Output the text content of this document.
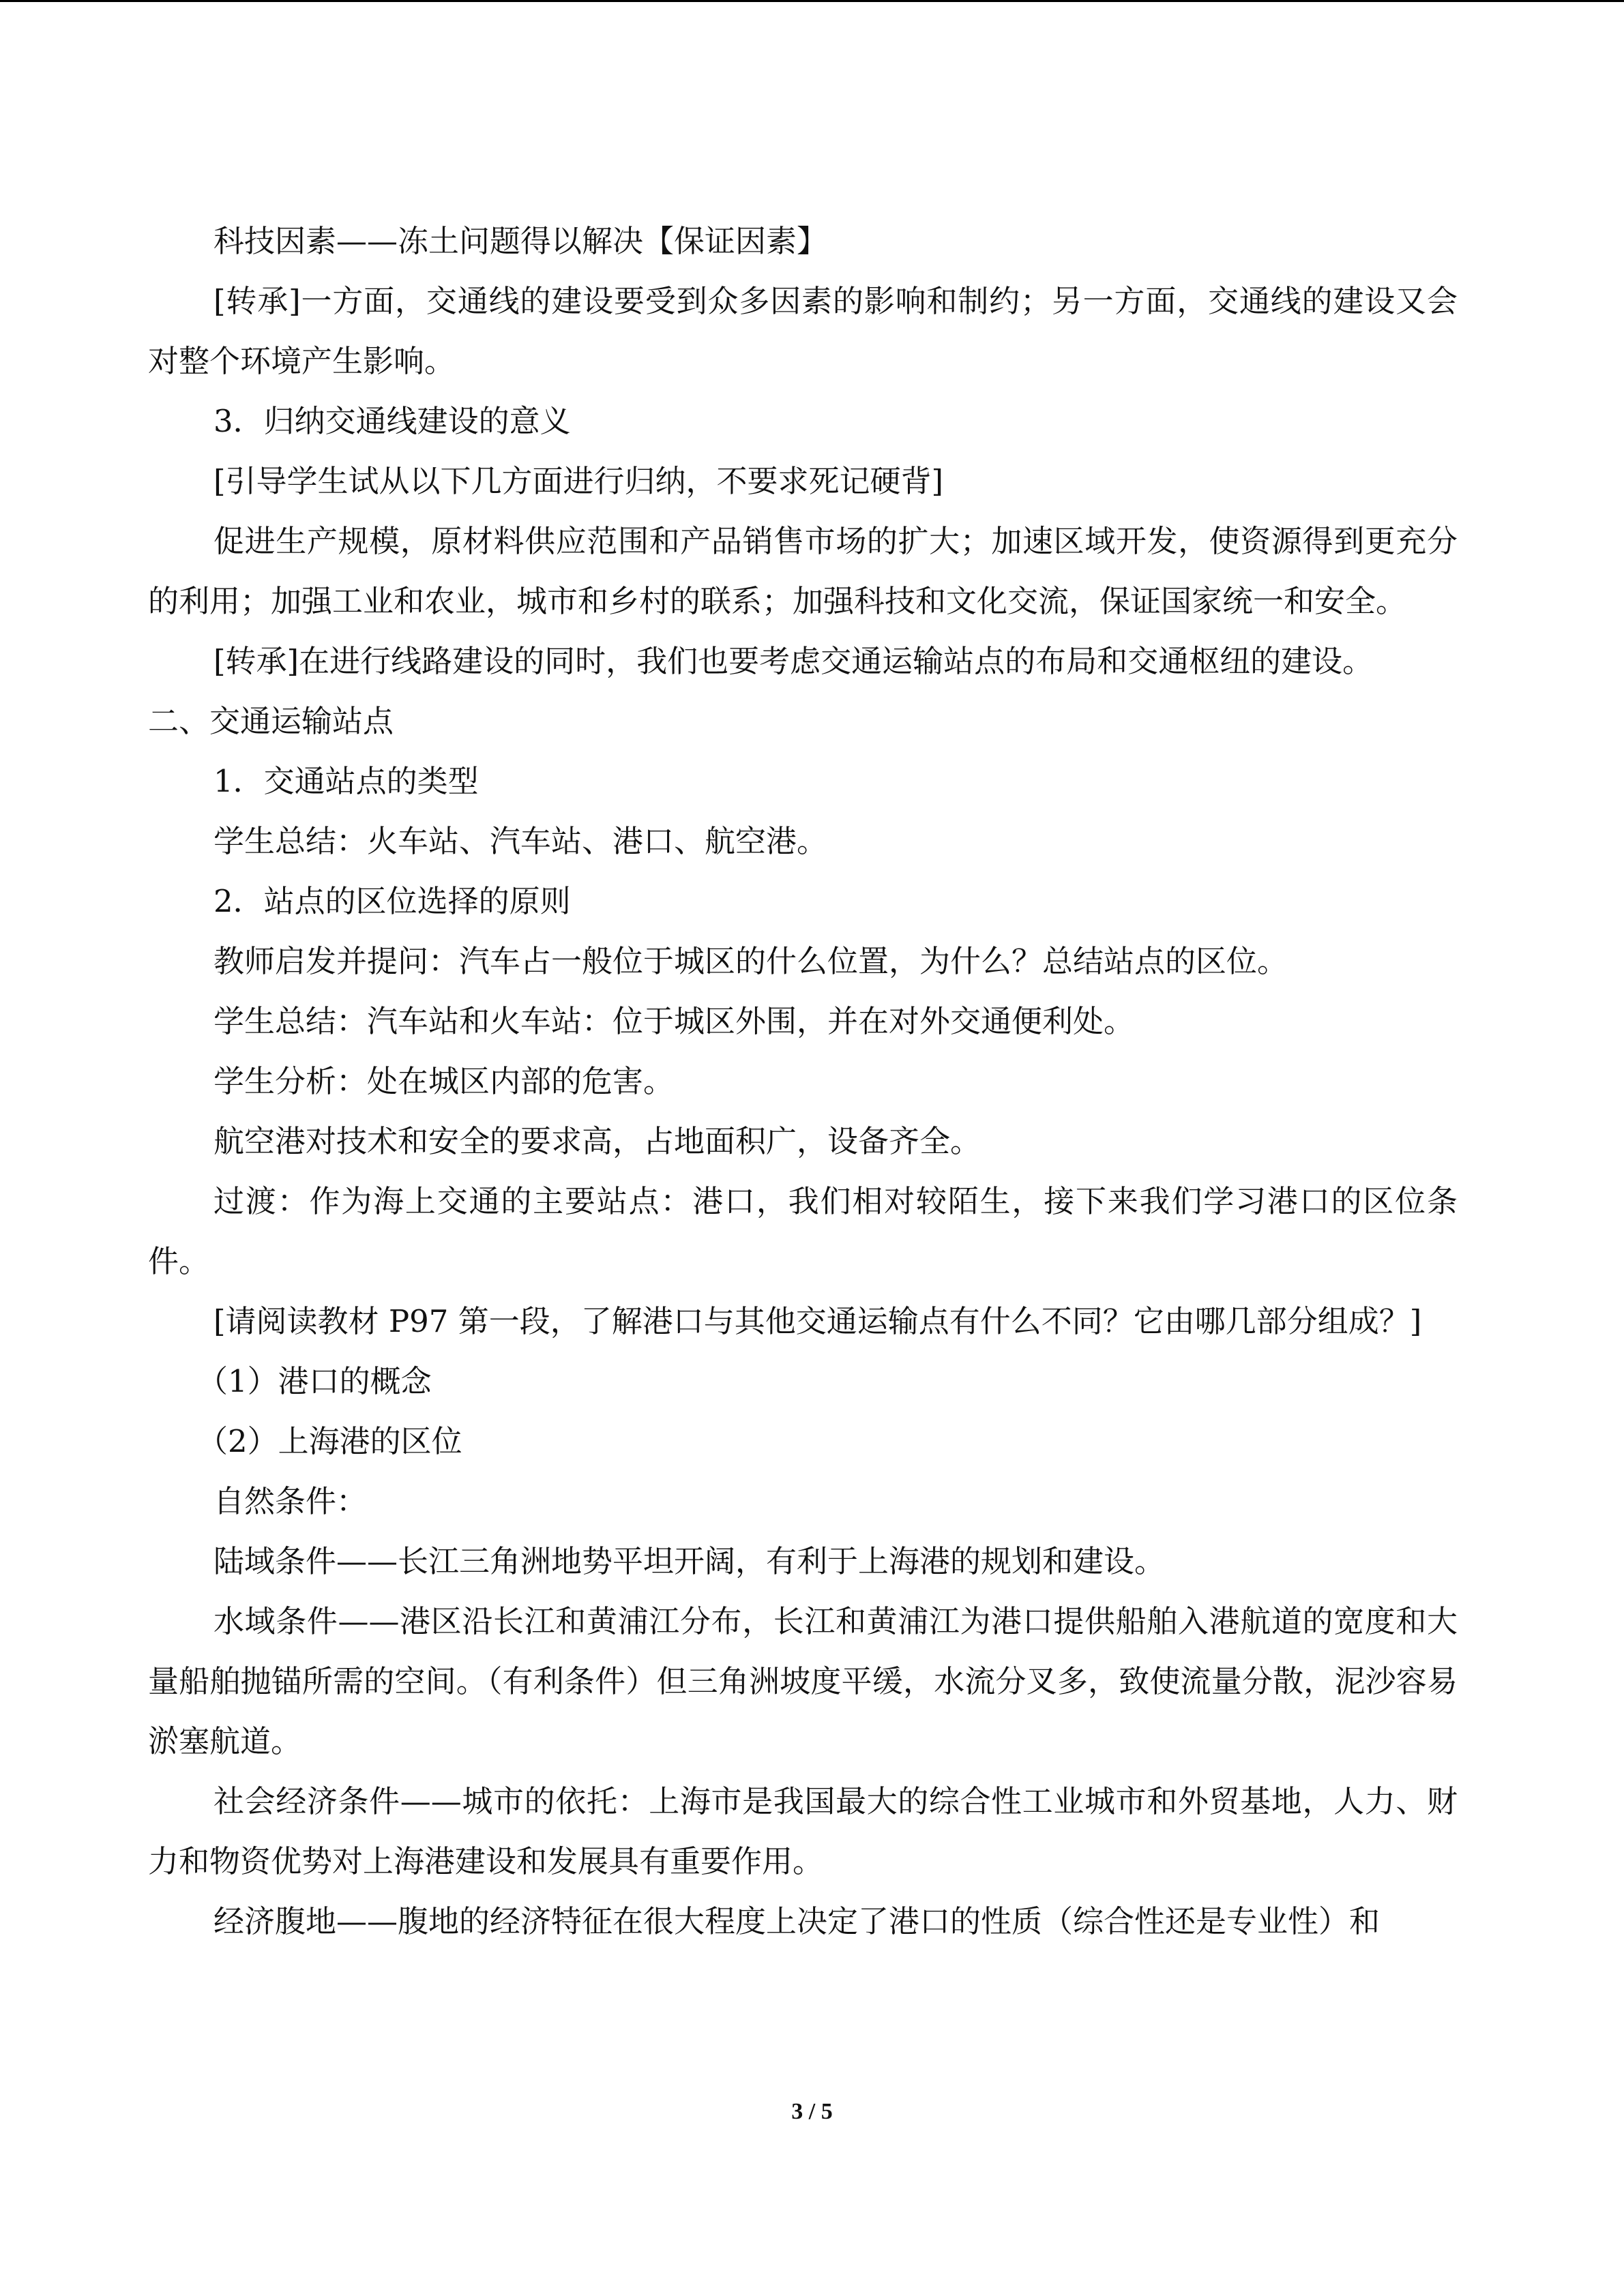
科技因素——冻土问题得以解决【保证因素】

[转承]一方面，交通线的建设要受到众多因素的影响和制约；另一方面，交通线的建设又会对整个环境产生影响。

3．归纳交通线建设的意义

[引导学生试从以下几方面进行归纳，不要求死记硬背]

促进生产规模，原材料供应范围和产品销售市场的扩大；加速区域开发，使资源得到更充分的利用；加强工业和农业，城市和乡村的联系；加强科技和文化交流，保证国家统一和安全。

[转承]在进行线路建设的同时，我们也要考虑交通运输站点的布局和交通枢纽的建设。

二、交通运输站点

1．交通站点的类型

学生总结：火车站、汽车站、港口、航空港。

2．站点的区位选择的原则

教师启发并提问：汽车占一般位于城区的什么位置，为什么？总结站点的区位。

学生总结：汽车站和火车站：位于城区外围，并在对外交通便利处。

学生分析：处在城区内部的危害。

航空港对技术和安全的要求高，占地面积广，设备齐全。

过渡：作为海上交通的主要站点：港口，我们相对较陌生，接下来我们学习港口的区位条件。

[请阅读教材 P97 第一段，了解港口与其他交通运输点有什么不同？它由哪几部分组成？]

（1）港口的概念

（2）上海港的区位

自然条件：

陆域条件——长江三角洲地势平坦开阔，有利于上海港的规划和建设。

水域条件——港区沿长江和黄浦江分布，长江和黄浦江为港口提供船舶入港航道的宽度和大量船舶抛锚所需的空间。（有利条件）但三角洲坡度平缓，水流分叉多，致使流量分散，泥沙容易淤塞航道。

社会经济条件——城市的依托：上海市是我国最大的综合性工业城市和外贸基地，人力、财力和物资优势对上海港建设和发展具有重要作用。

经济腹地——腹地的经济特征在很大程度上决定了港口的性质（综合性还是专业性）和

3 / 5
